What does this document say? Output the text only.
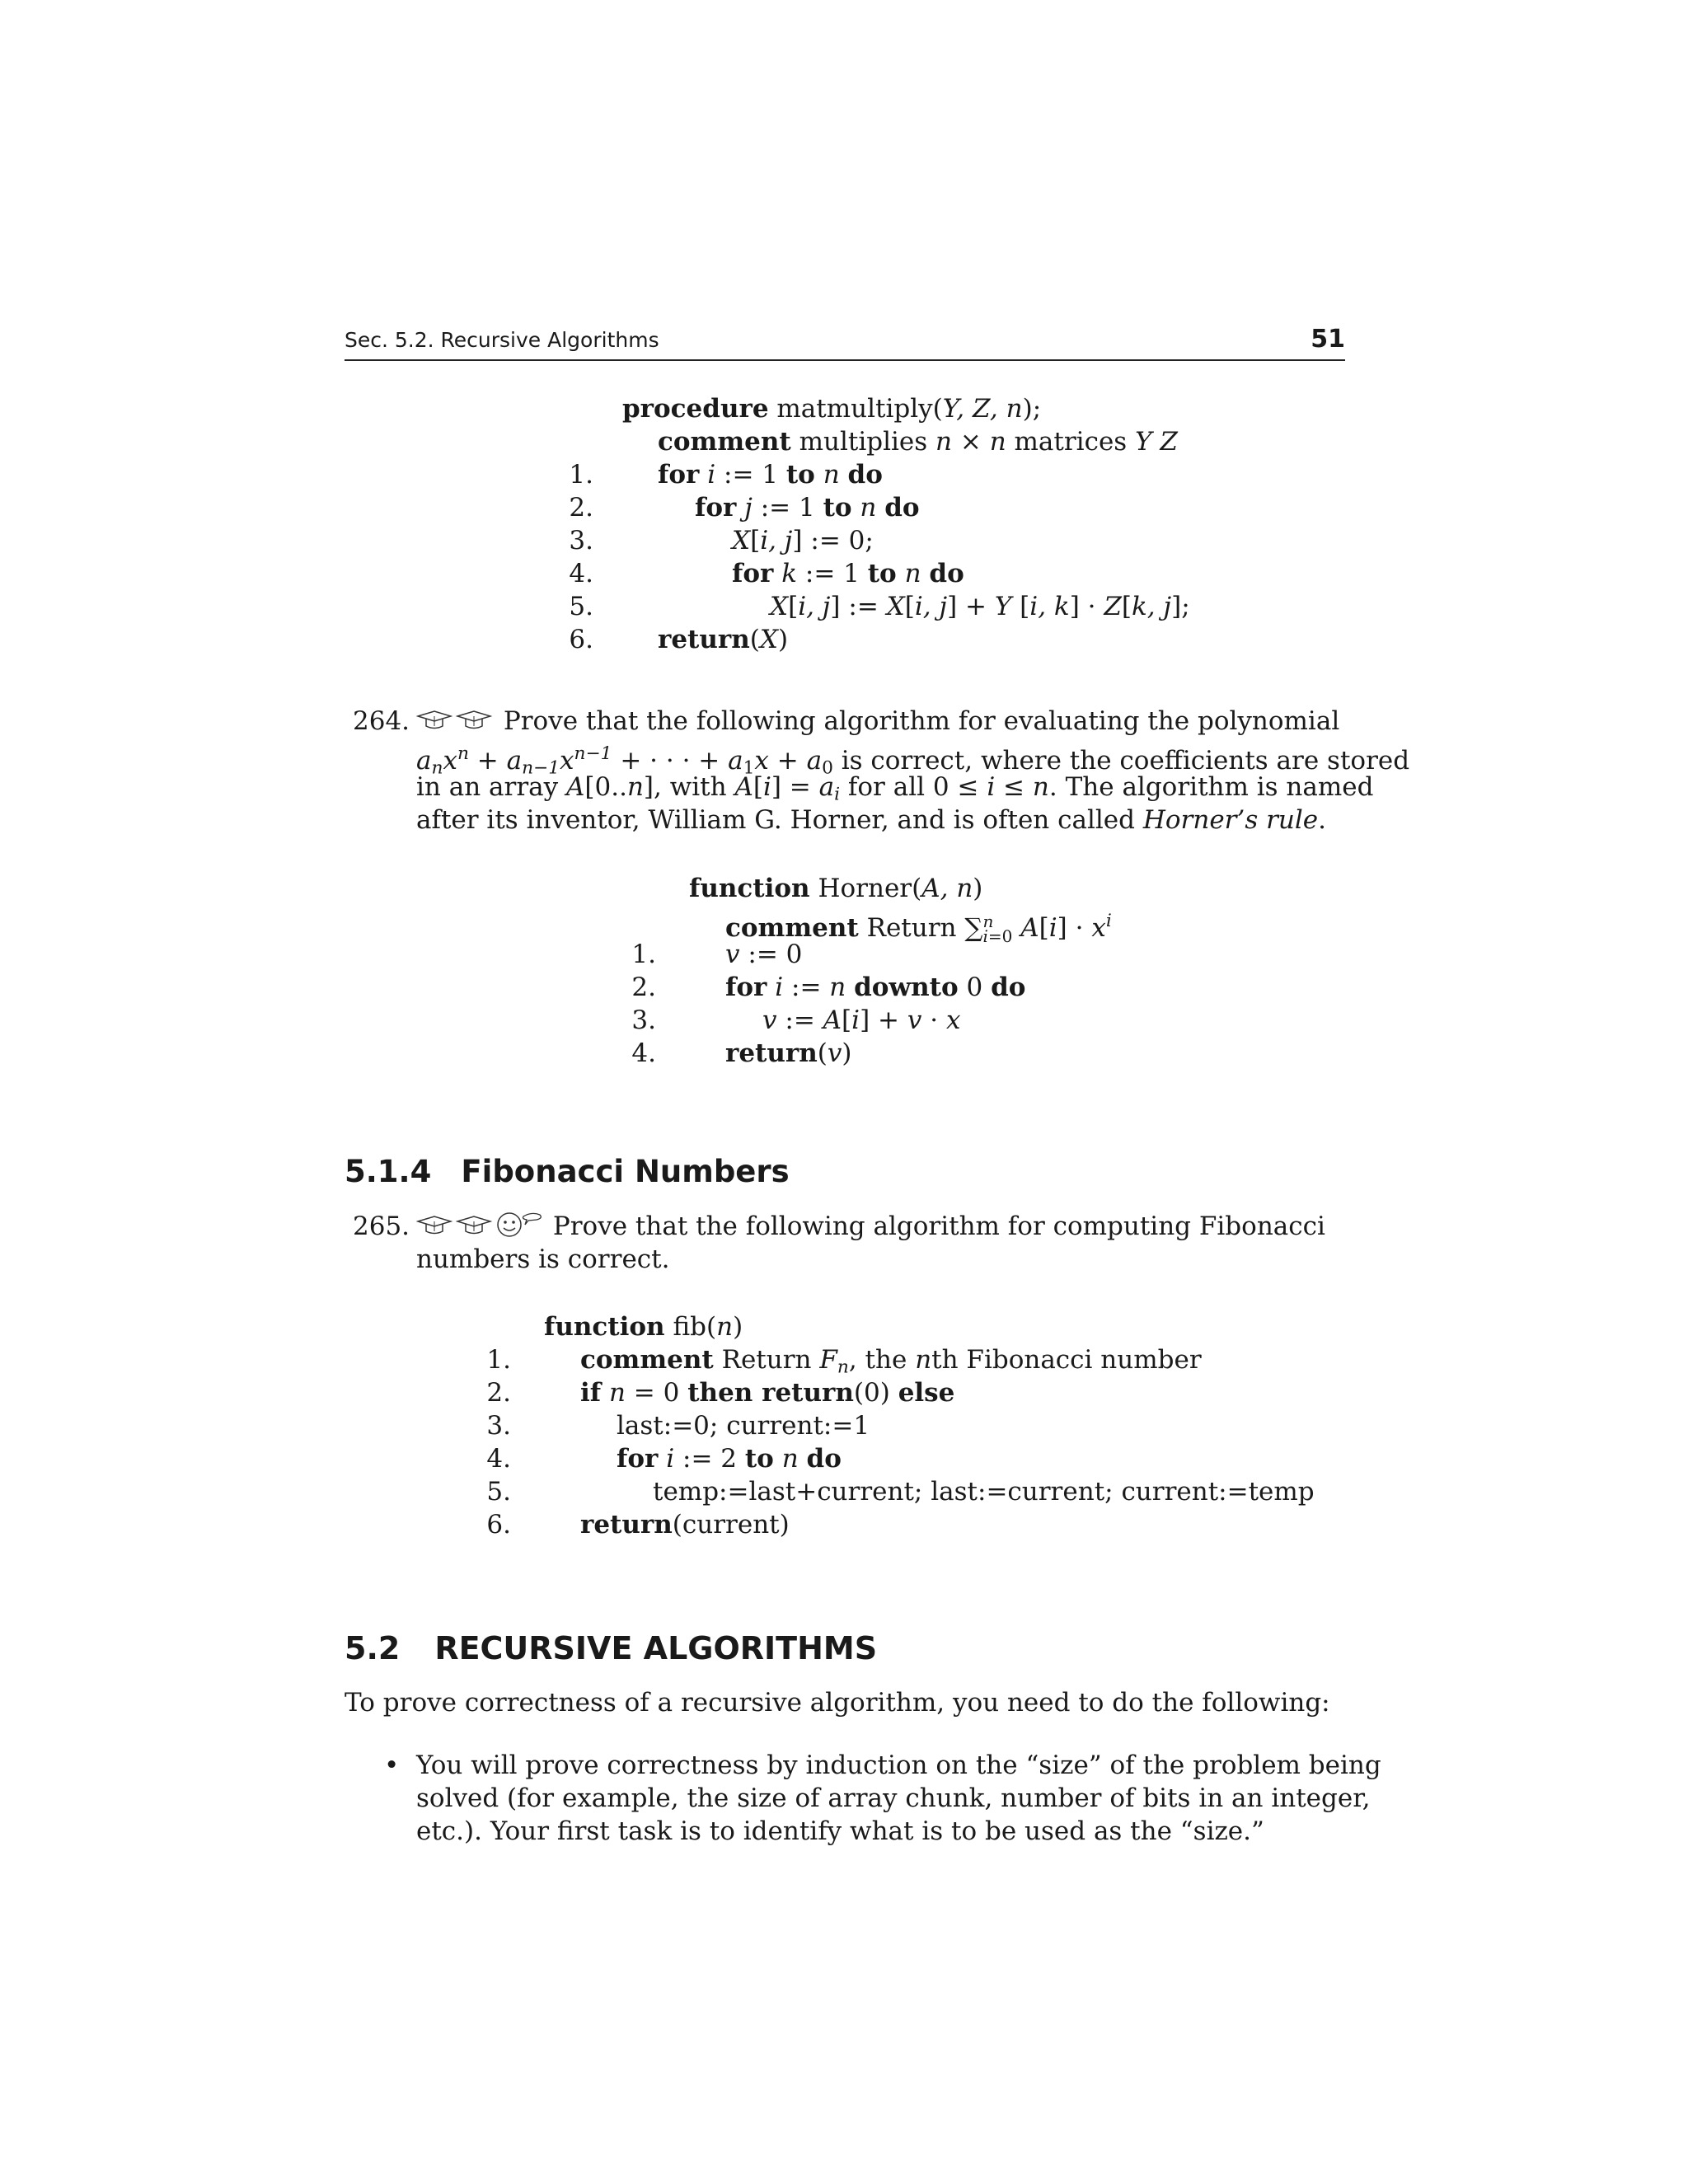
Sec. 5.2. Recursive Algorithms	51
procedure matmultiply(Y, Z, n);
comment multiplies n × n matrices Y Z
1.	for i := 1 to n do
2.	for j := 1 to n do
3.	X[i, j] := 0;
4.	for k := 1 to n do
5.	X[i, j] := X[i, j] + Y [i, k] · Z[k, j];
6.	return(X)
264.	Prove that the following algorithm for evaluating the polynomial
$a_nx^n + a_{n-1}x^{n-1}$ + · · · + $a_1x + a_0$ is correct, where the coefficients are stored
in an array A[0..n], with $A[i] = a_i$ for all 0 ≤ i ≤ n. The algorithm is named
after its inventor, William G. Horner, and is often called Horner’s rule.
function Horner(A, n)
comment Return ∑n
i=0 $A[i] \cdot x^i$
1.	v := 0
2.	for i := n downto 0 do
3.	v := A[i] + v · x
4.	return(v)
5.1.4 Fibonacci Numbers
265.	Prove that the following algorithm for computing Fibonacci
numbers is correct.
function fib(n)
1.	comment Return $F_n$, the nth Fibonacci number
2.	if n = 0 then return(0) else
3.	last:=0; current:=1
4.	for i := 2 to n do
5.	temp:=last+current; last:=current; current:=temp
6.	return(current)
5.2 RECURSIVE ALGORITHMS
To prove correctness of a recursive algorithm, you need to do the following:
• You will prove correctness by induction on the “size” of the problem being
solved (for example, the size of array chunk, number of bits in an integer,
etc.). Your first task is to identify what is to be used as the “size.”
